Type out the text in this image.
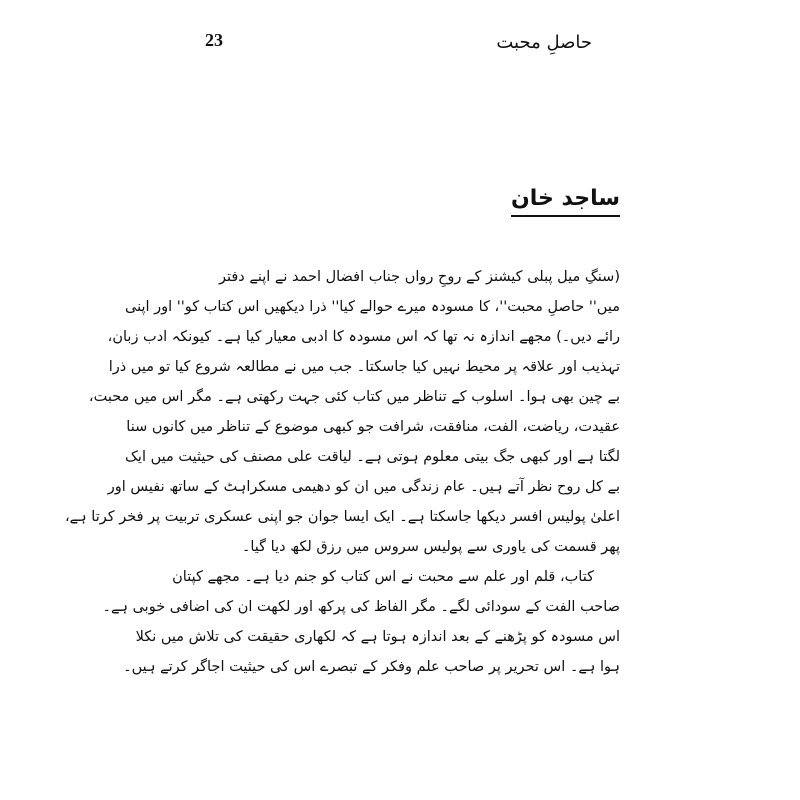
23	حاصلِ محبت
ساجد خان
(سنگِ میل پبلی کیشنز کے روحِ رواں جناب افضال احمد نے اپنے دفتر
میں'' حاصلِ محبت''، کا مسودہ میرے حوالے کیا'' ذرا دیکھیں اس کتاب کو'' اور اپنی
رائے دیں۔) مجھے اندازہ نہ تھا کہ اس مسودہ کا ادبی معیار کیا ہے۔ کیونکہ ادب زبان،
تہذیب اور علاقہ پر محیط نہیں کیا جاسکتا۔ جب میں نے مطالعہ شروع کیا تو میں ذرا
بے چین بھی ہوا۔ اسلوب کے تناظر میں کتاب کئی جہت رکھتی ہے۔ مگر اس میں محبت،
عقیدت، ریاضت، الفت، منافقت، شرافت جو کبھی موضوع کے تناظر میں کانوں سنا
لگتا ہے اور کبھی جگ بیتی معلوم ہوتی ہے۔ لیاقت علی مصنف کی حیثیت میں ایک
بے کل روح نظر آتے ہیں۔ عام زندگی میں ان کو دھیمی مسکراہٹ کے ساتھ نفیس اور
اعلیٰ پولیس افسر دیکھا جاسکتا ہے۔ ایک ایسا جوان جو اپنی عسکری تربیت پر فخر کرتا ہے،
پھر قسمت کی یاوری سے پولیس سروس میں رزق لکھ دیا گیا۔
کتاب، قلم اور علم سے محبت نے اس کتاب کو جنم دیا ہے۔ مجھے کپتان
صاحب الفت کے سودائی لگے۔ مگر الفاظ کی پرکھ اور لکھت ان کی اضافی خوبی ہے۔
اس مسودہ کو پڑھنے کے بعد اندازہ ہوتا ہے کہ لکھاری حقیقت کی تلاش میں نکلا
ہوا ہے۔ اس تحریر پر صاحب علم وفکر کے تبصرے اس کی حیثیت اجاگر کرتے ہیں۔
